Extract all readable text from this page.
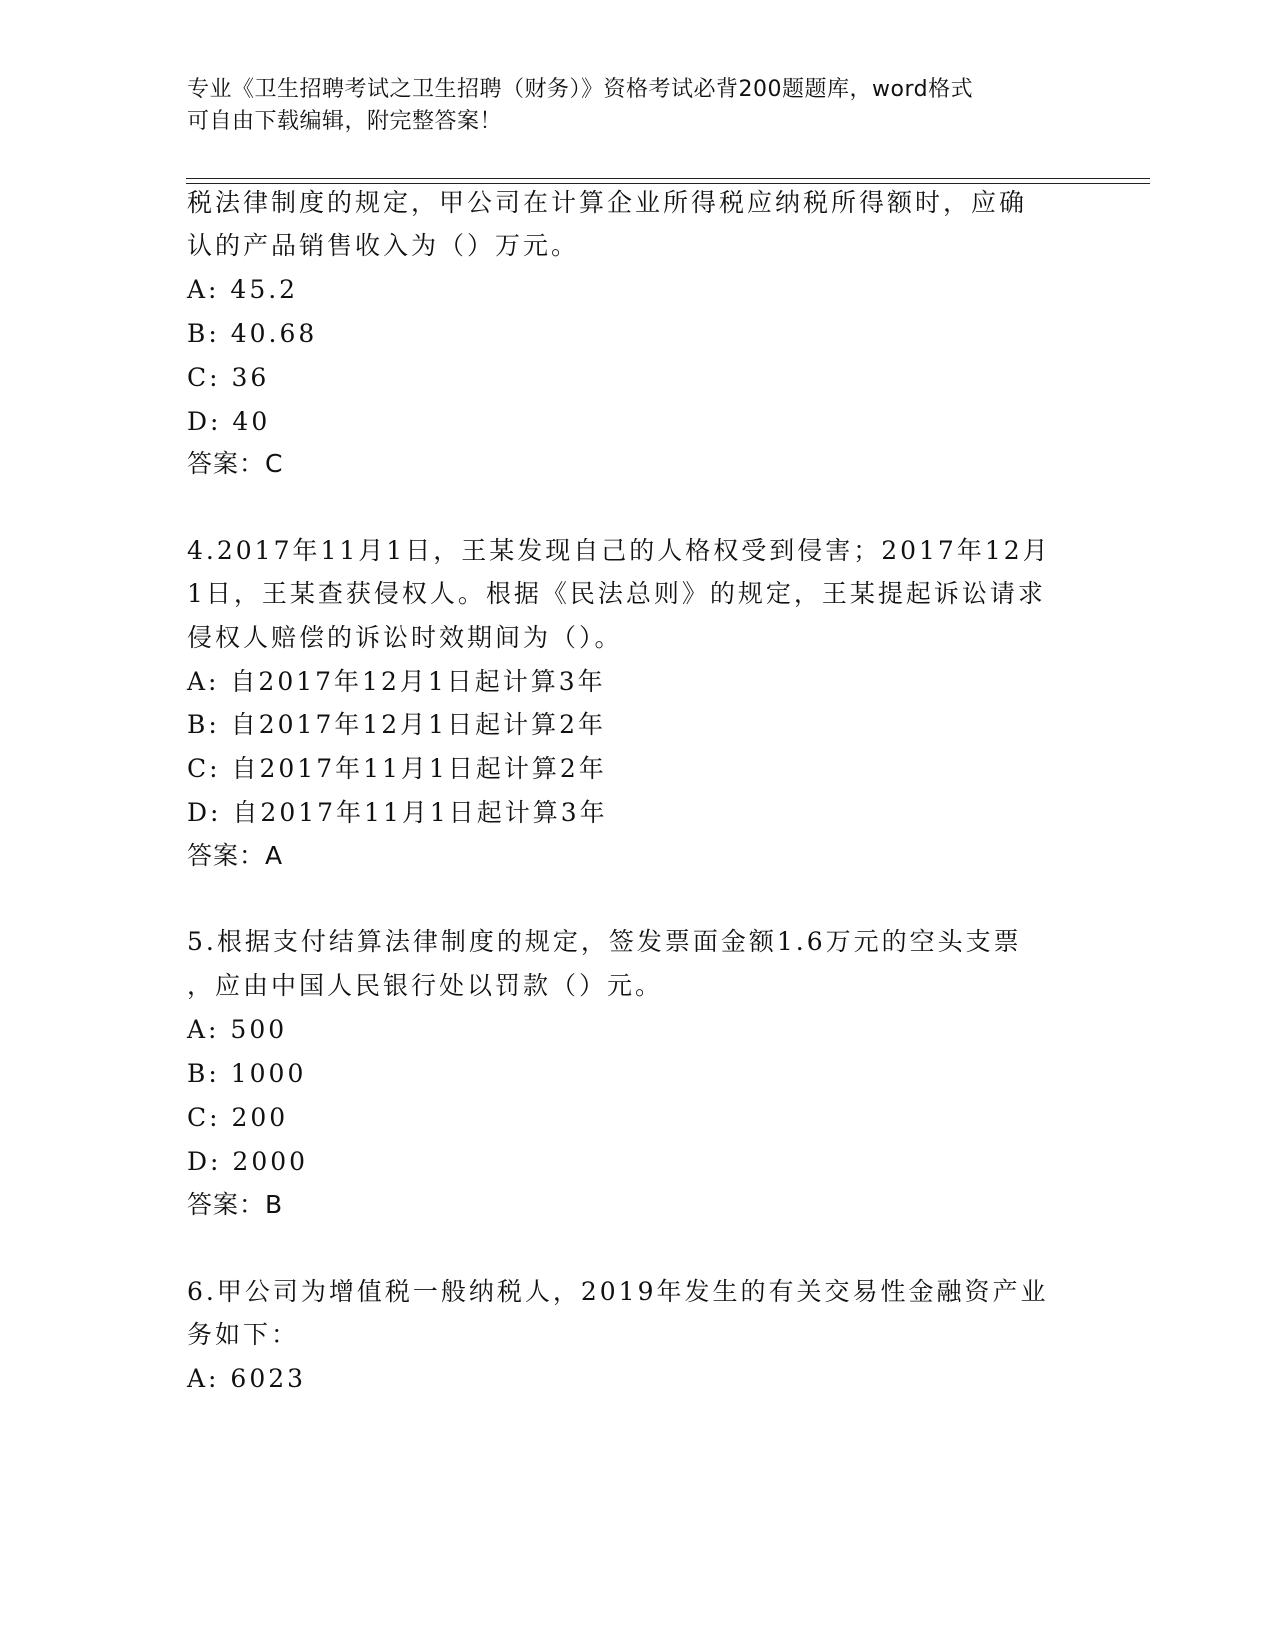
专业《卫生招聘考试之卫生招聘（财务）》资格考试必背200题题库，word格式
可自由下载编辑，附完整答案！
税法律制度的规定，甲公司在计算企业所得税应纳税所得额时，应确
认的产品销售收入为（）万元。
A: 45.2
B: 40.68
C: 36
D: 40
答案：C
4.2017年11月1日，王某发现自己的人格权受到侵害；2017年12月
1日，王某查获侵权人。根据《民法总则》的规定，王某提起诉讼请求
侵权人赔偿的诉讼时效期间为（）。
A: 自2017年12月1日起计算3年
B: 自2017年12月1日起计算2年
C: 自2017年11月1日起计算2年
D: 自2017年11月1日起计算3年
答案：A
5.根据支付结算法律制度的规定，签发票面金额1.6万元的空头支票
，应由中国人民银行处以罚款（）元。
A: 500
B: 1000
C: 200
D: 2000
答案：B
6.甲公司为增值税一般纳税人，2019年发生的有关交易性金融资产业
务如下：
A: 6023
